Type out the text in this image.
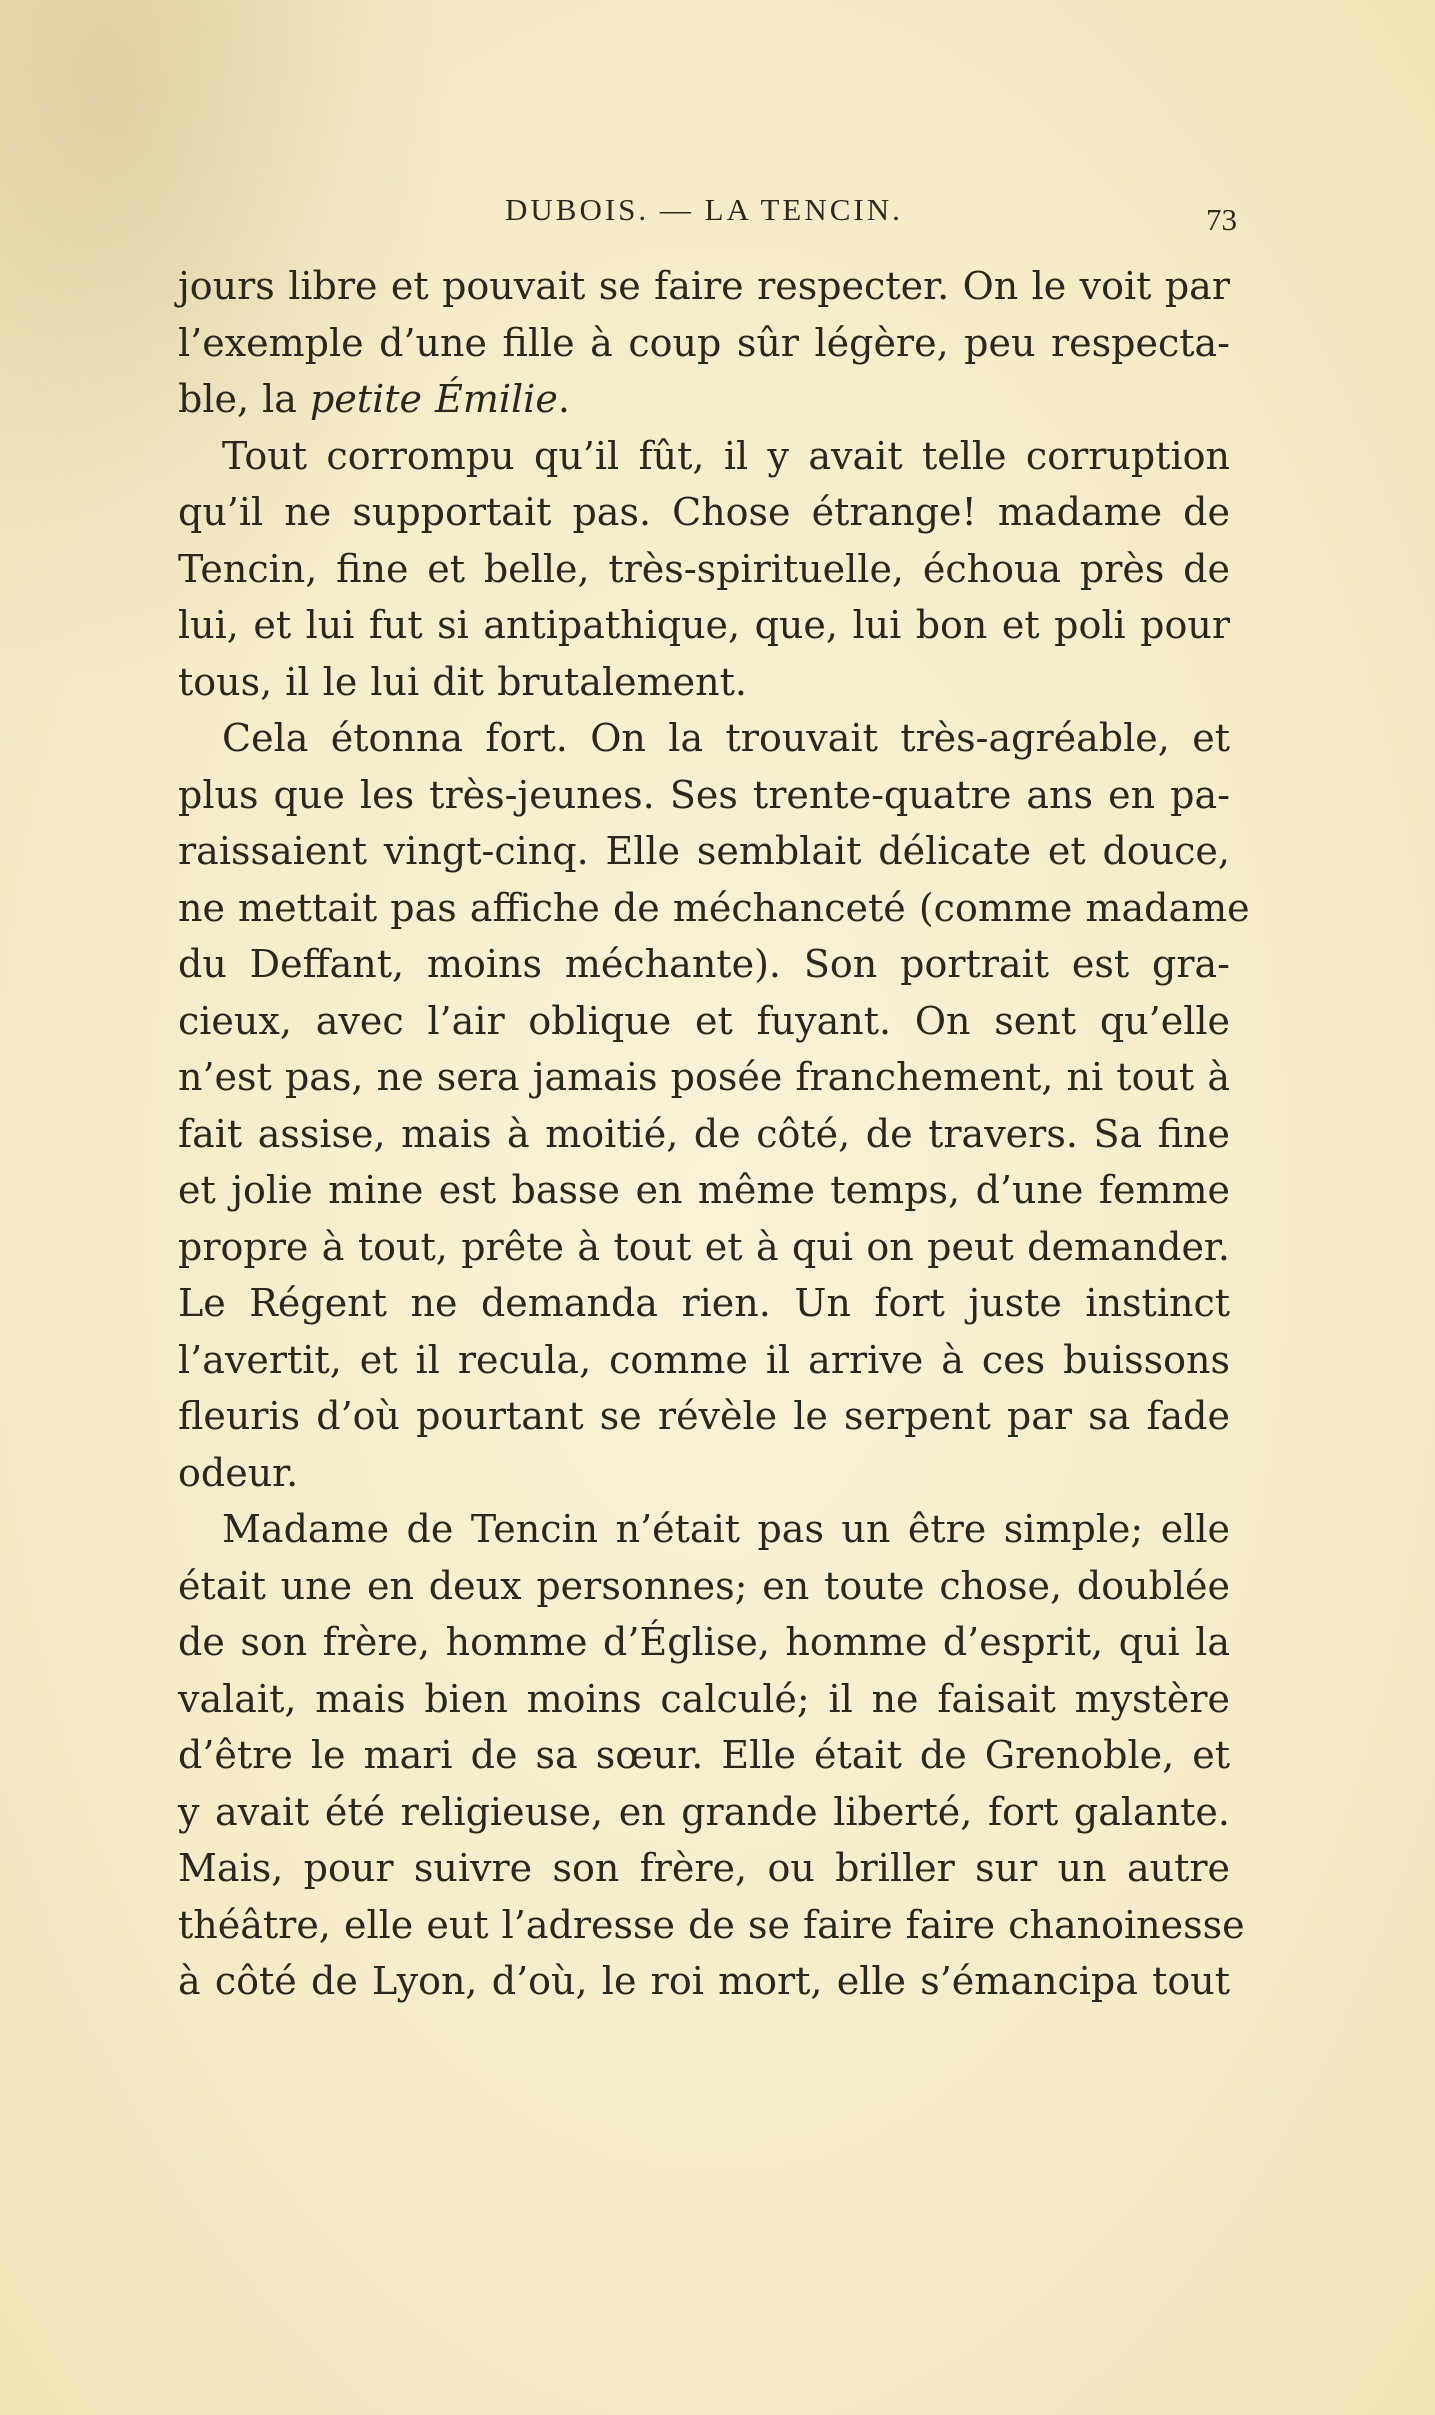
DUBOIS. — LA TENCIN.	73
jours libre et pouvait se faire respecter. On le voit par
l’exemple d’une fille à coup sûr légère, peu respecta-
ble, la petite Émilie.
Tout corrompu qu’il fût, il y avait telle corruption
qu’il ne supportait pas. Chose étrange! madame de
Tencin, fine et belle, très-spirituelle, échoua près de
lui, et lui fut si antipathique, que, lui bon et poli pour
tous, il le lui dit brutalement.
Cela étonna fort. On la trouvait très-agréable, et
plus que les très-jeunes. Ses trente-quatre ans en pa-
raissaient vingt-cinq. Elle semblait délicate et douce,
ne mettait pas affiche de méchanceté (comme madame
du Deffant, moins méchante). Son portrait est gra-
cieux, avec l’air oblique et fuyant. On sent qu’elle
n’est pas, ne sera jamais posée franchement, ni tout à
fait assise, mais à moitié, de côté, de travers. Sa fine
et jolie mine est basse en même temps, d’une femme
propre à tout, prête à tout et à qui on peut demander.
Le Régent ne demanda rien. Un fort juste instinct
l’avertit, et il recula, comme il arrive à ces buissons
fleuris d’où pourtant se révèle le serpent par sa fade
odeur.
Madame de Tencin n’était pas un être simple; elle
était une en deux personnes; en toute chose, doublée
de son frère, homme d’Église, homme d’esprit, qui la
valait, mais bien moins calculé; il ne faisait mystère
d’être le mari de sa sœur. Elle était de Grenoble, et
y avait été religieuse, en grande liberté, fort galante.
Mais, pour suivre son frère, ou briller sur un autre
théâtre, elle eut l’adresse de se faire faire chanoinesse
à côté de Lyon, d’où, le roi mort, elle s’émancipa tout
